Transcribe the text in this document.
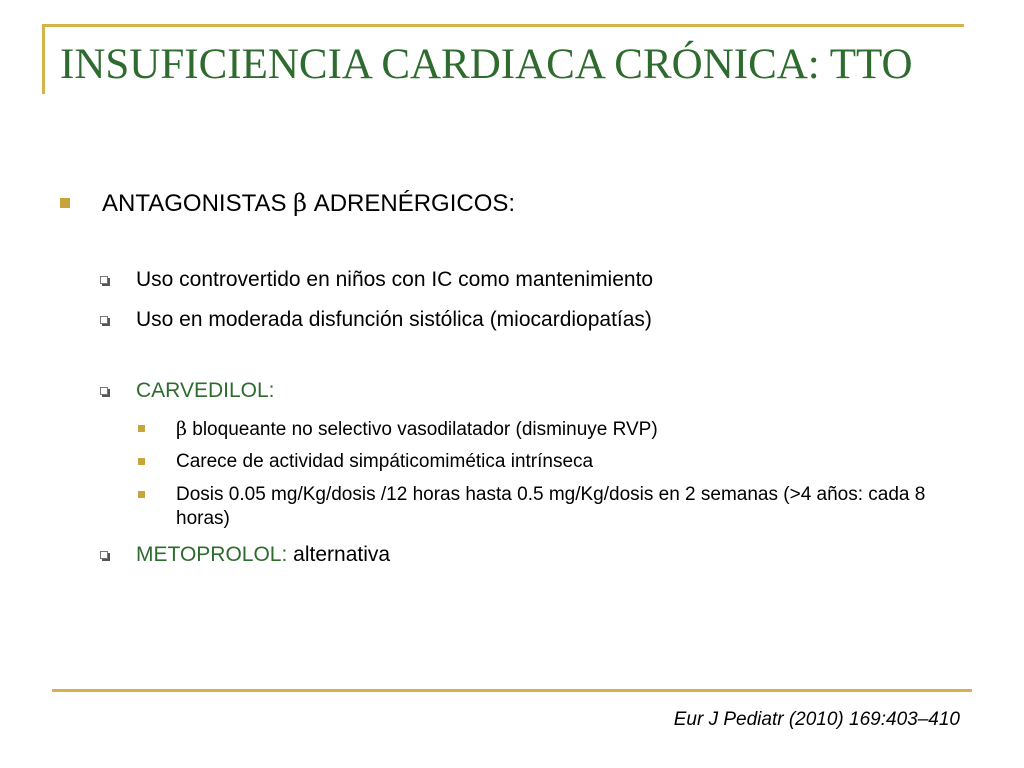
INSUFICIENCIA CARDIACA CRÓNICA: TTO
ANTAGONISTAS β ADRENÉRGICOS:
Uso controvertido en niños con IC como mantenimiento
Uso en moderada disfunción sistólica (miocardiopatías)
CARVEDILOL:
β bloqueante no selectivo vasodilatador (disminuye RVP)
Carece de actividad simpáticomimética intrínseca
Dosis 0.05 mg/Kg/dosis /12 horas hasta 0.5 mg/Kg/dosis en 2 semanas (>4 años: cada 8 horas)
METOPROLOL: alternativa
Eur J Pediatr (2010) 169:403–410
